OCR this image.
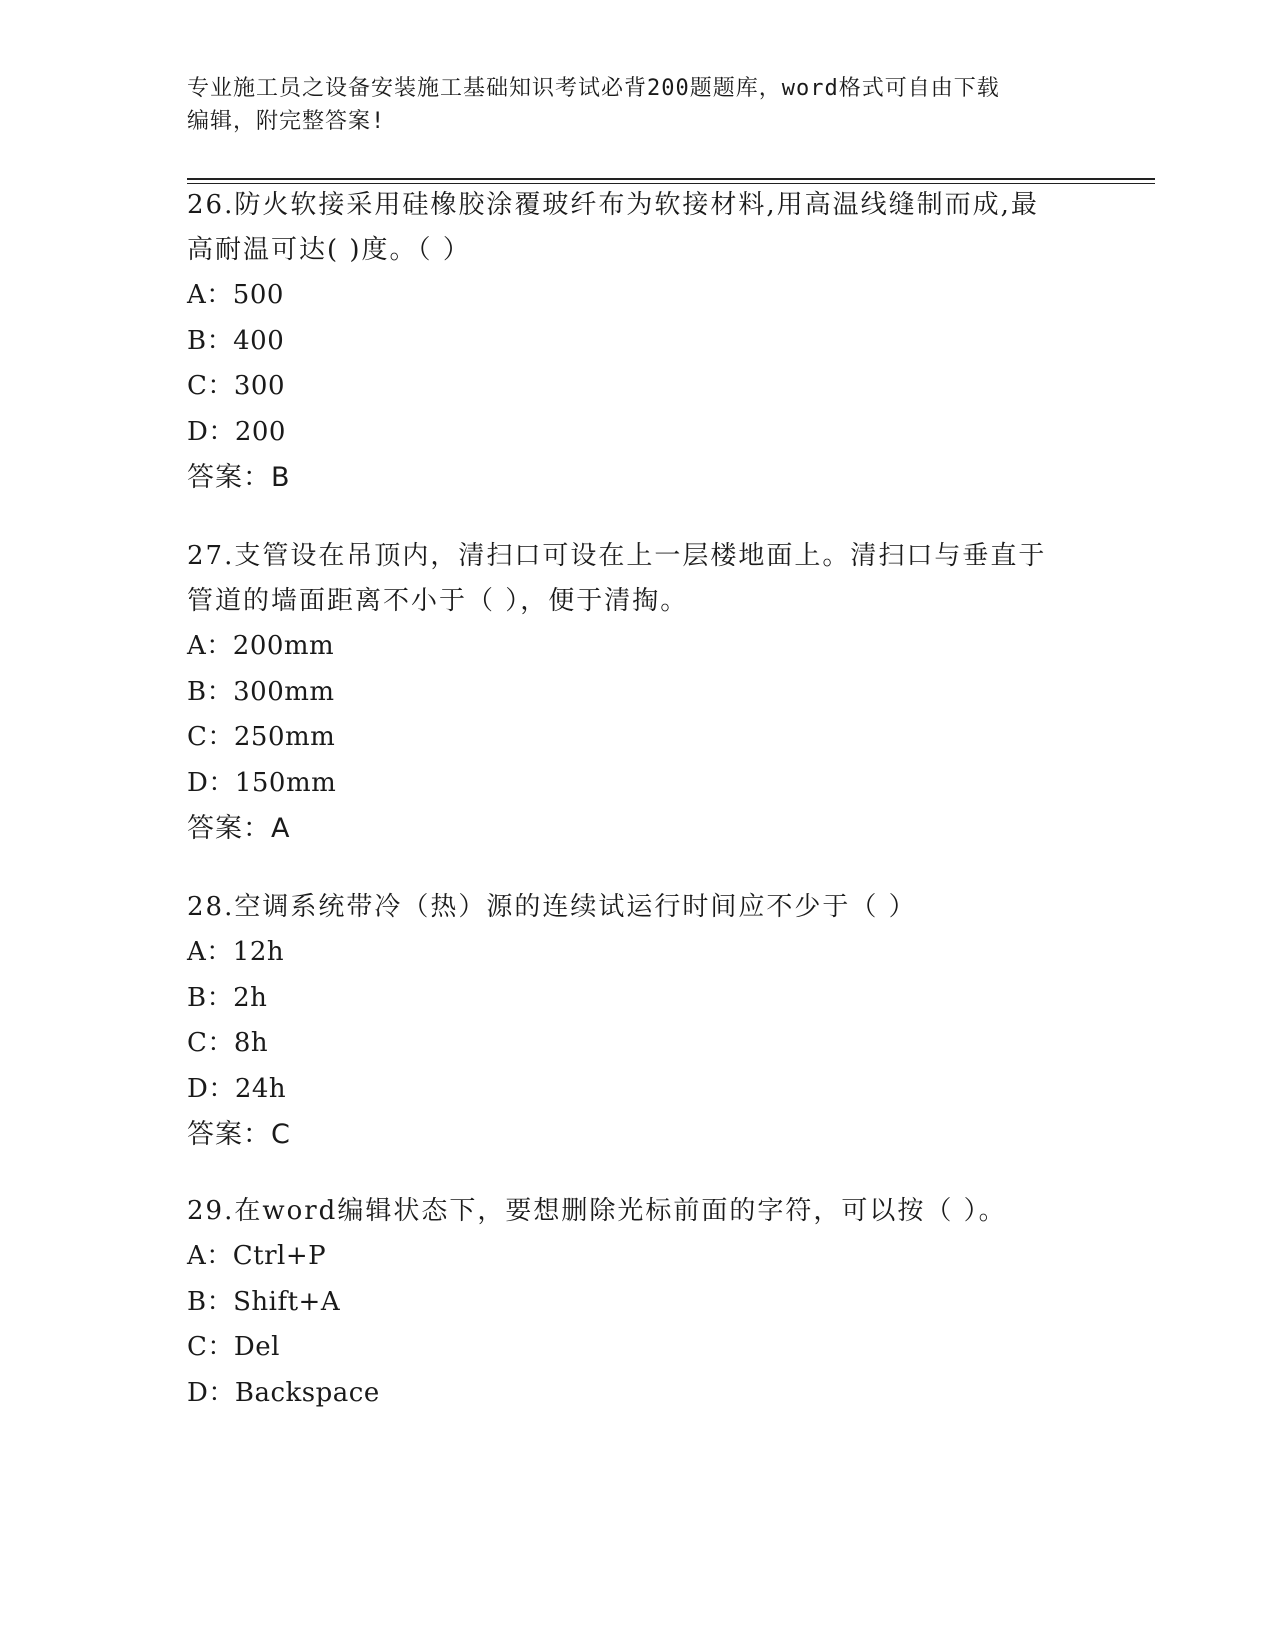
专业施工员之设备安装施工基础知识考试必背200题题库，word格式可自由下载
编辑，附完整答案!
26.防火软接采用硅橡胶涂覆玻纤布为软接材料,用高温线缝制而成,最
高耐温可达( )度。（ ）
A：500
B：400
C：300
D：200
答案：B
27.支管设在吊顶内，清扫口可设在上一层楼地面上。清扫口与垂直于
管道的墙面距离不小于（ ），便于清掏。
A：200mm
B：300mm
C：250mm
D：150mm
答案：A
28.空调系统带冷（热）源的连续试运行时间应不少于（ ）
A：12h
B：2h
C：8h
D：24h
答案：C
29.在word编辑状态下，要想删除光标前面的字符，可以按（ ）。
A：Ctrl+P
B：Shift+A
C：Del
D：Backspace
